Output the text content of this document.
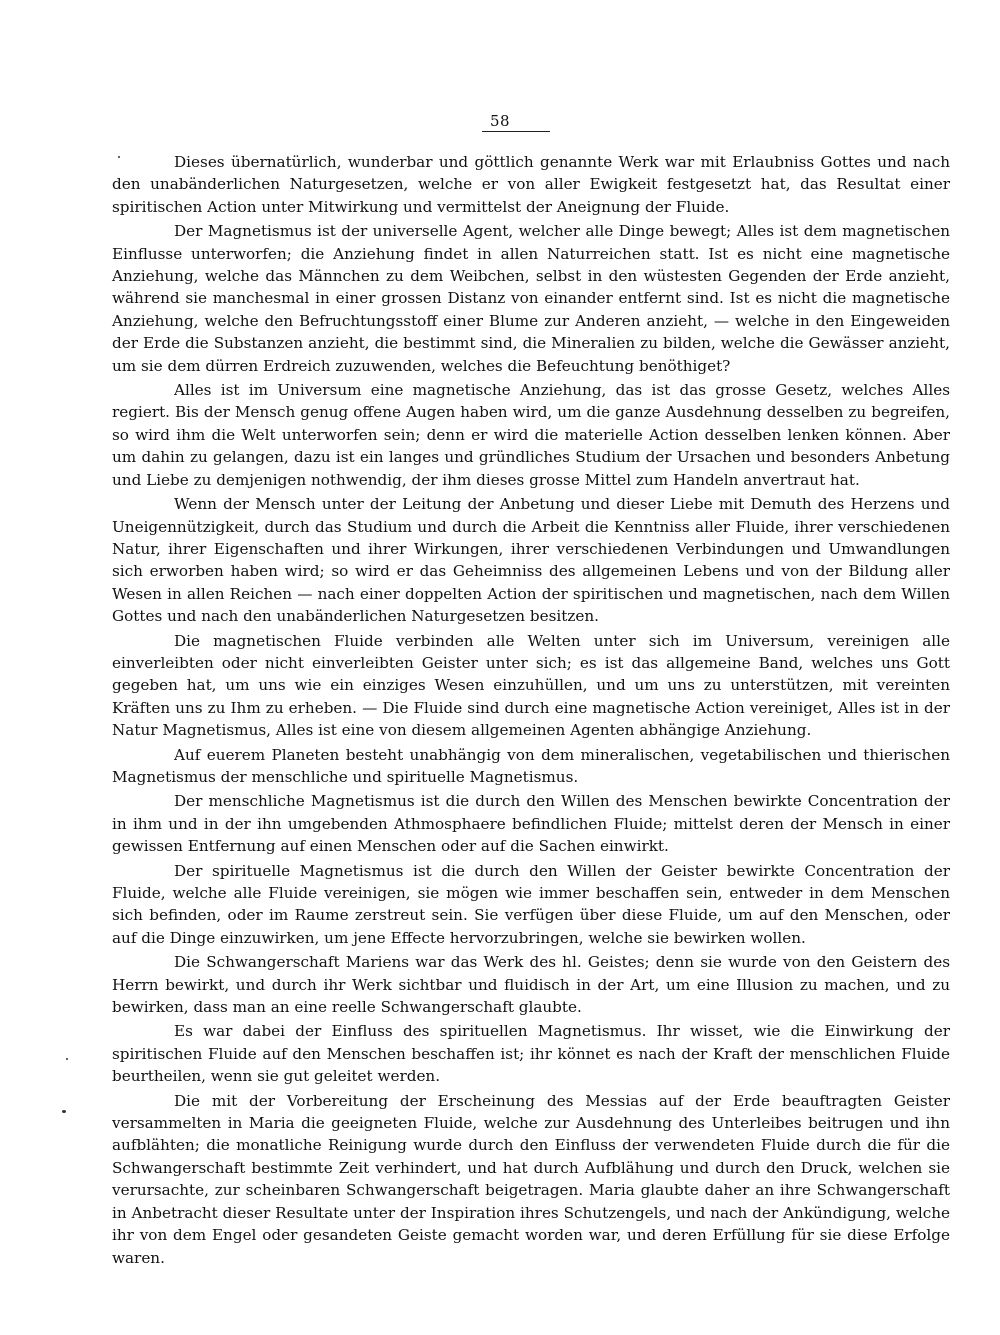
58

Dieses übernatürlich, wunderbar und göttlich genannte Werk war mit Erlaubniss Gottes und nach den unabänderlichen Naturgesetzen, welche er von aller Ewigkeit festgesetzt hat, das Resultat einer spiritischen Action unter Mitwirkung und vermittelst der Aneignung der Fluide.

Der Magnetismus ist der universelle Agent, welcher alle Dinge bewegt; Alles ist dem magnetischen Einflusse unterworfen; die Anziehung findet in allen Naturreichen statt. Ist es nicht eine magnetische Anziehung, welche das Männchen zu dem Weibchen, selbst in den wüstesten Gegenden der Erde anzieht, während sie manchesmal in einer grossen Distanz von einander entfernt sind. Ist es nicht die magnetische Anziehung, welche den Befruchtungsstoff einer Blume zur Anderen anzieht, — welche in den Eingeweiden der Erde die Substanzen anzieht, die bestimmt sind, die Mineralien zu bilden, welche die Gewässer anzieht, um sie dem dürren Erdreich zuzuwenden, welches die Befeuchtung benöthiget?

Alles ist im Universum eine magnetische Anziehung, das ist das grosse Gesetz, welches Alles regiert. Bis der Mensch genug offene Augen haben wird, um die ganze Ausdehnung desselben zu begreifen, so wird ihm die Welt unterworfen sein; denn er wird die materielle Action desselben lenken können. Aber um dahin zu gelangen, dazu ist ein langes und gründliches Studium der Ursachen und besonders Anbetung und Liebe zu demjenigen nothwendig, der ihm dieses grosse Mittel zum Handeln anvertraut hat.

Wenn der Mensch unter der Leitung der Anbetung und dieser Liebe mit Demuth des Herzens und Uneigennützigkeit, durch das Studium und durch die Arbeit die Kenntniss aller Fluide, ihrer verschiedenen Natur, ihrer Eigenschaften und ihrer Wirkungen, ihrer verschiedenen Verbindungen und Umwandlungen sich erworben haben wird; so wird er das Geheimniss des allgemeinen Lebens und von der Bildung aller Wesen in allen Reichen — nach einer doppelten Action der spiritischen und magnetischen, nach dem Willen Gottes und nach den unabänderlichen Naturgesetzen besitzen.

Die magnetischen Fluide verbinden alle Welten unter sich im Universum, vereinigen alle einverleibten oder nicht einverleibten Geister unter sich; es ist das allgemeine Band, welches uns Gott gegeben hat, um uns wie ein einziges Wesen einzuhüllen, und um uns zu unterstützen, mit vereinten Kräften uns zu Ihm zu erheben. — Die Fluide sind durch eine magnetische Action vereiniget, Alles ist in der Natur Magnetismus, Alles ist eine von diesem allgemeinen Agenten abhängige Anziehung.

Auf euerem Planeten besteht unabhängig von dem mineralischen, vegetabilischen und thierischen Magnetismus der menschliche und spirituelle Magnetismus.

Der menschliche Magnetismus ist die durch den Willen des Menschen bewirkte Concentration der in ihm und in der ihn umgebenden Athmosphaere befindlichen Fluide; mittelst deren der Mensch in einer gewissen Entfernung auf einen Menschen oder auf die Sachen einwirkt.

Der spirituelle Magnetismus ist die durch den Willen der Geister bewirkte Concentration der Fluide, welche alle Fluide vereinigen, sie mögen wie immer beschaffen sein, entweder in dem Menschen sich befinden, oder im Raume zerstreut sein. Sie verfügen über diese Fluide, um auf den Menschen, oder auf die Dinge einzuwirken, um jene Effecte hervorzubringen, welche sie bewirken wollen.

Die Schwangerschaft Mariens war das Werk des hl. Geistes; denn sie wurde von den Geistern des Herrn bewirkt, und durch ihr Werk sichtbar und fluidisch in der Art, um eine Illusion zu machen, und zu bewirken, dass man an eine reelle Schwangerschaft glaubte.

Es war dabei der Einfluss des spirituellen Magnetismus. Ihr wisset, wie die Einwirkung der spiritischen Fluide auf den Menschen beschaffen ist; ihr könnet es nach der Kraft der menschlichen Fluide beurtheilen, wenn sie gut geleitet werden.

Die mit der Vorbereitung der Erscheinung des Messias auf der Erde beauftragten Geister versammelten in Maria die geeigneten Fluide, welche zur Ausdehnung des Unterleibes beitrugen und ihn aufblähten; die monatliche Reinigung wurde durch den Einfluss der verwendeten Fluide durch die für die Schwangerschaft bestimmte Zeit verhindert, und hat durch Aufblähung und durch den Druck, welchen sie verursachte, zur scheinbaren Schwangerschaft beigetragen. Maria glaubte daher an ihre Schwangerschaft in Anbetracht dieser Resultate unter der Inspiration ihres Schutzengels, und nach der Ankündigung, welche ihr von dem Engel oder gesandeten Geiste gemacht worden war, und deren Erfüllung für sie diese Erfolge waren.
